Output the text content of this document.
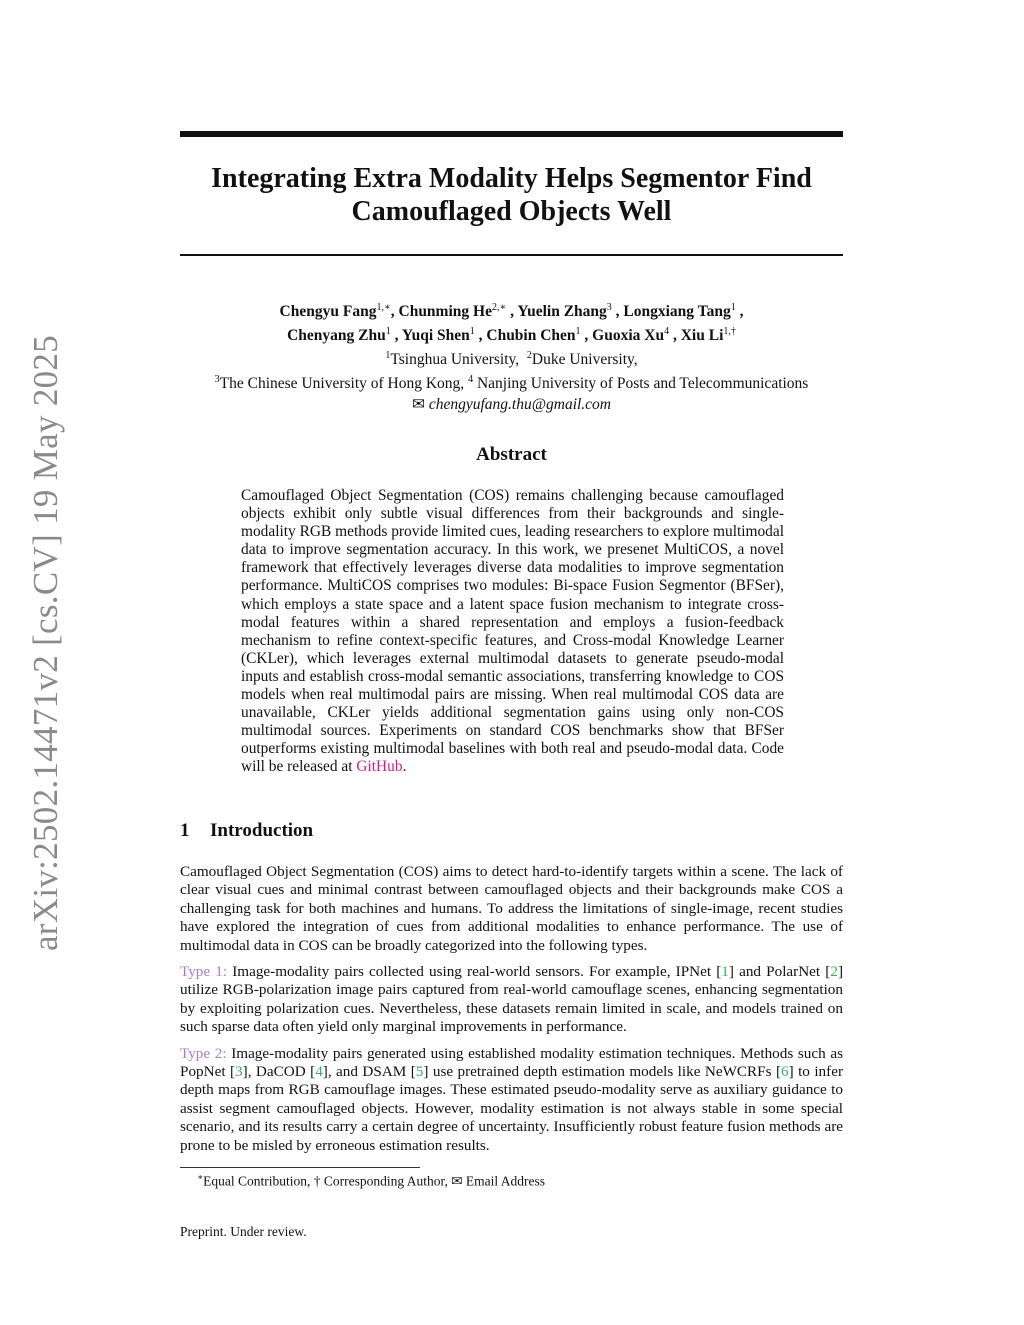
arXiv:2502.14471v2 [cs.CV] 19 May 2025
Integrating Extra Modality Helps Segmentor Find
Camouflaged Objects Well
Chengyu Fang$^{1,∗}$, Chunming $He^{2,∗}$ , Yuelin Zhang$^3$ , Longxiang Tang$^1$ ,
Chenyang Zhu$^1$ , Yuqi Shen$^1$ , Chubin Chen$^1$ , Guoxia Xu$^4$ , Xiu $Li^{1,\dagger}$
$^1$Tsinghua University, $^2$Duke University,
$^3$The Chinese University of Hong Kong, $^4$ Nanjing University of Posts and Telecommunications
✉ chengyufang.thu@gmail.com
Abstract
Camouflaged Object Segmentation (COS) remains challenging because camouflaged objects exhibit only subtle visual differences from their backgrounds and single-modality RGB methods provide limited cues, leading researchers to explore multimodal data to improve segmentation accuracy. In this work, we presenet MultiCOS, a novel framework that effectively leverages diverse data modalities to improve segmentation performance. MultiCOS comprises two modules: Bi-space Fusion Segmentor (BFSer), which employs a state space and a latent space fusion mechanism to integrate cross-modal features within a shared representation and employs a fusion-feedback mechanism to refine context-specific features, and Cross-modal Knowledge Learner (CKLer), which leverages external multimodal datasets to generate pseudo-modal inputs and establish cross-modal semantic associations, transferring knowledge to COS models when real multimodal pairs are missing. When real multimodal COS data are unavailable, CKLer yields additional segmentation gains using only non-COS multimodal sources. Experiments on standard COS benchmarks show that BFSer outperforms existing multimodal baselines with both real and pseudo-modal data. Code will be released at GitHub.
1 Introduction

Camouflaged Object Segmentation (COS) aims to detect hard-to-identify targets within a scene. The lack of clear visual cues and minimal contrast between camouflaged objects and their backgrounds make COS a challenging task for both machines and humans. To address the limitations of single-image, recent studies have explored the integration of cues from additional modalities to enhance performance. The use of multimodal data in COS can be broadly categorized into the following types.

Type 1: Image-modality pairs collected using real-world sensors. For example, IPNet [1] and PolarNet [2] utilize RGB-polarization image pairs captured from real-world camouflage scenes, enhancing segmentation by exploiting polarization cues. Nevertheless, these datasets remain limited in scale, and models trained on such sparse data often yield only marginal improvements in performance.

Type 2: Image-modality pairs generated using established modality estimation techniques. Methods such as PopNet [3], DaCOD [4], and DSAM [5] use pretrained depth estimation models like NeWCRFs [6] to infer depth maps from RGB camouflage images. These estimated pseudo-modality serve as auxiliary guidance to assist segment camouflaged objects. However, modality estimation is not always stable in some special scenario, and its results carry a certain degree of uncertainty. Insufficiently robust feature fusion methods are prone to be misled by erroneous estimation results.

∗Equal Contribution, † Corresponding Author, ✉ Email Address
Preprint. Under review.
